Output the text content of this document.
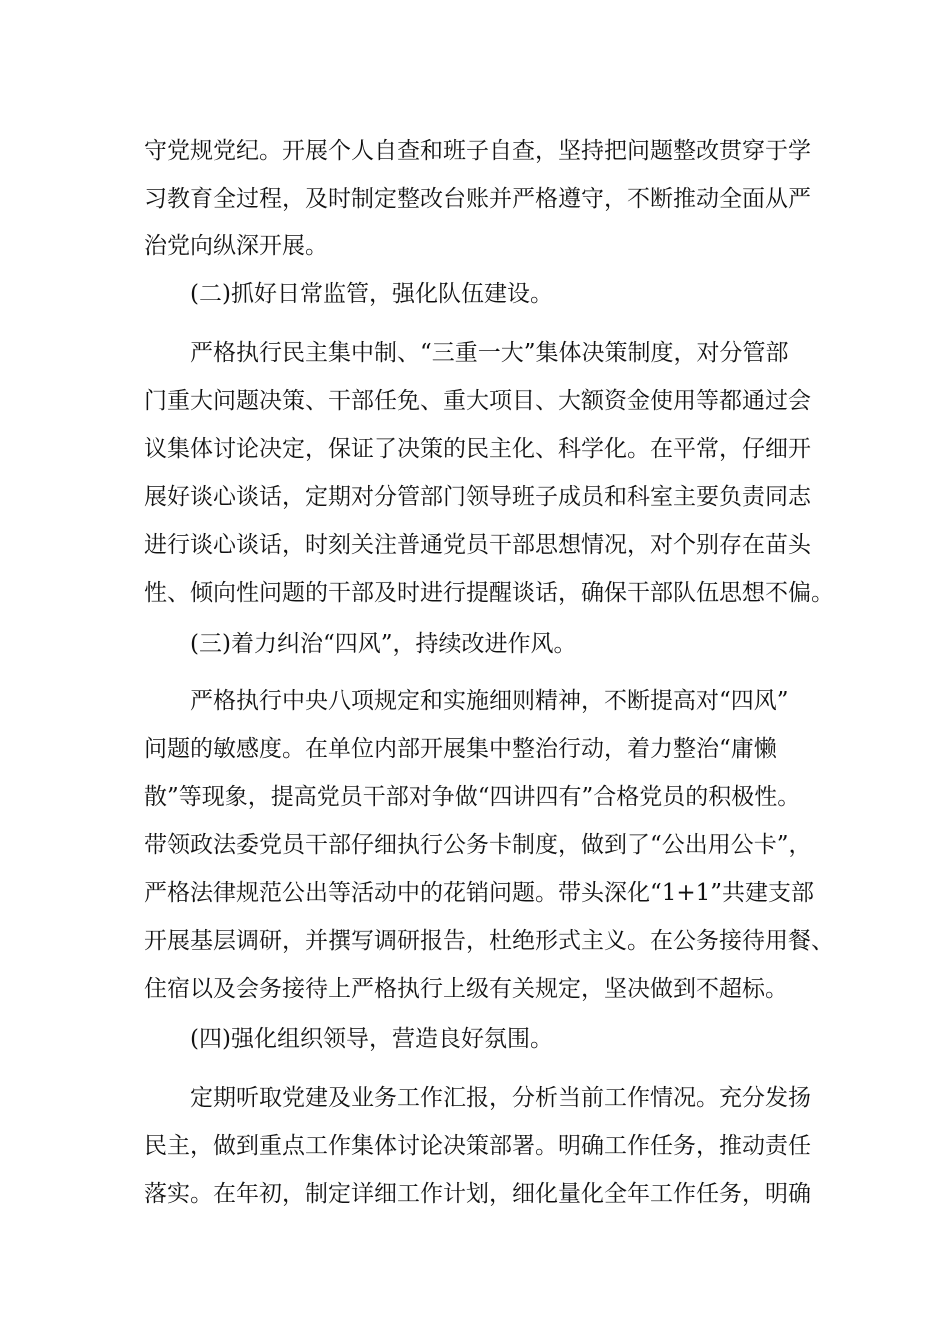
守党规党纪。开展个人自查和班子自查，坚持把问题整改贯穿于学
习教育全过程，及时制定整改台账并严格遵守，不断推动全面从严
治党向纵深开展。
(二)抓好日常监管，强化队伍建设。
严格执行民主集中制、“三重一大”集体决策制度，对分管部
门重大问题决策、干部任免、重大项目、大额资金使用等都通过会
议集体讨论决定，保证了决策的民主化、科学化。在平常，仔细开
展好谈心谈话，定期对分管部门领导班子成员和科室主要负责同志
进行谈心谈话，时刻关注普通党员干部思想情况，对个别存在苗头
性、倾向性问题的干部及时进行提醒谈话，确保干部队伍思想不偏。
(三)着力纠治“四风”，持续改进作风。
严格执行中央八项规定和实施细则精神，不断提高对“四风”
问题的敏感度。在单位内部开展集中整治行动，着力整治“庸懒
散”等现象，提高党员干部对争做“四讲四有”合格党员的积极性。
带领政法委党员干部仔细执行公务卡制度，做到了“公出用公卡”，
严格法律规范公出等活动中的花销问题。带头深化“1+1”共建支部
开展基层调研，并撰写调研报告，杜绝形式主义。在公务接待用餐、
住宿以及会务接待上严格执行上级有关规定，坚决做到不超标。
(四)强化组织领导，营造良好氛围。
定期听取党建及业务工作汇报，分析当前工作情况。充分发扬
民主，做到重点工作集体讨论决策部署。明确工作任务，推动责任
落实。在年初，制定详细工作计划，细化量化全年工作任务，明确
